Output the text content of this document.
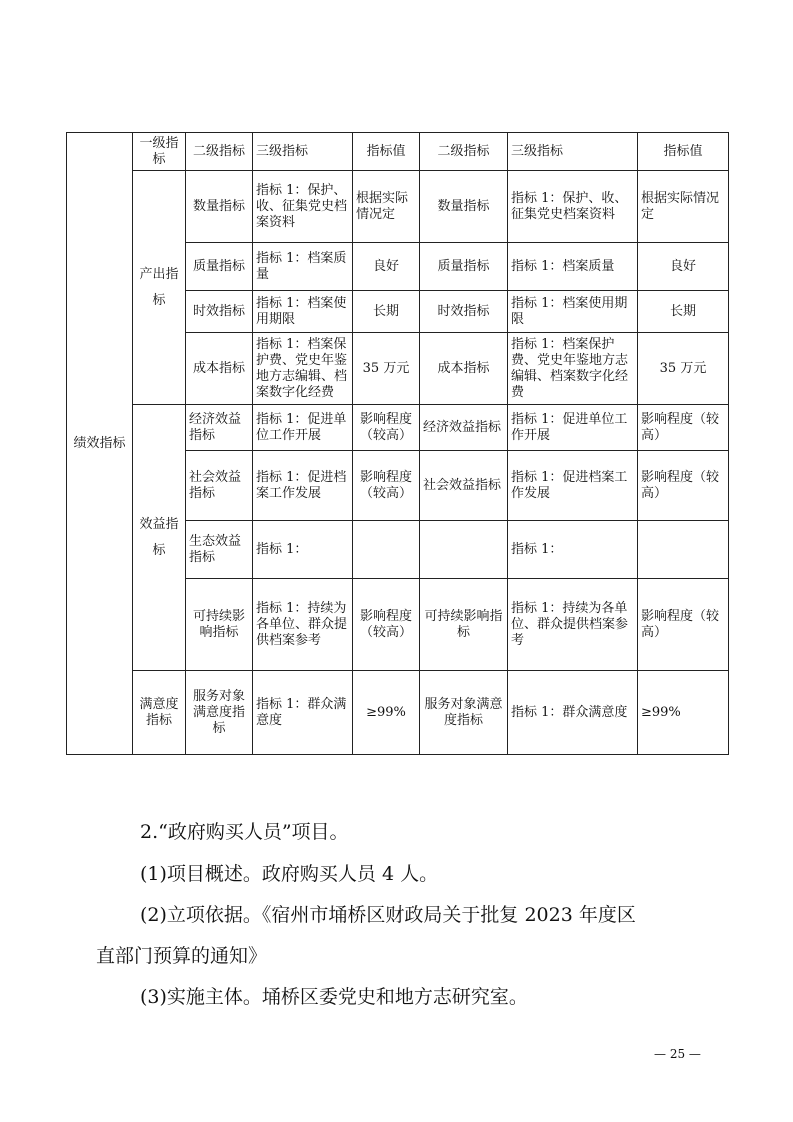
绩效指标	一级指标	二级指标	三级指标	指标值	二级指标	三级指标	指标值
	产出指标	数量指标	指标 1：保护、收、征集党史档案资料	根据实际情况定	数量指标	指标 1：保护、收、征集党史档案资料	根据实际情况定
		质量指标	指标 1：档案质量	良好	质量指标	指标 1：档案质量	良好
		时效指标	指标 1：档案使用期限	长期	时效指标	指标 1：档案使用期限	长期
		成本指标	指标 1：档案保护费、党史年鉴地方志编辑、档案数字化经费	35 万元	成本指标	指标 1：档案保护费、党史年鉴地方志编辑、档案数字化经费	35 万元
	效益指标	经济效益指标	指标 1：促进单位工作开展	影响程度（较高）	经济效益指标	指标 1：促进单位工作开展	影响程度（较高）
		社会效益指标	指标 1：促进档案工作发展	影响程度（较高）	社会效益指标	指标 1：促进档案工作发展	影响程度（较高）
		生态效益指标	指标 1：			指标 1：	
		可持续影响指标	指标 1：持续为各单位、群众提供档案参考	影响程度（较高）	可持续影响指标	指标 1：持续为各单位、群众提供档案参考	影响程度（较高）
	满意度指标	服务对象满意度指标	指标 1：群众满意度	≥99%	服务对象满意度指标	指标 1：群众满意度	≥99%
2.“政府购买人员”项目。
(1)项目概述。政府购买人员 4 人。
(2)立项依据。《宿州市埇桥区财政局关于批复 2023 年度区
直部门预算的通知》
(3)实施主体。埇桥区委党史和地方志研究室。
— 25 —
